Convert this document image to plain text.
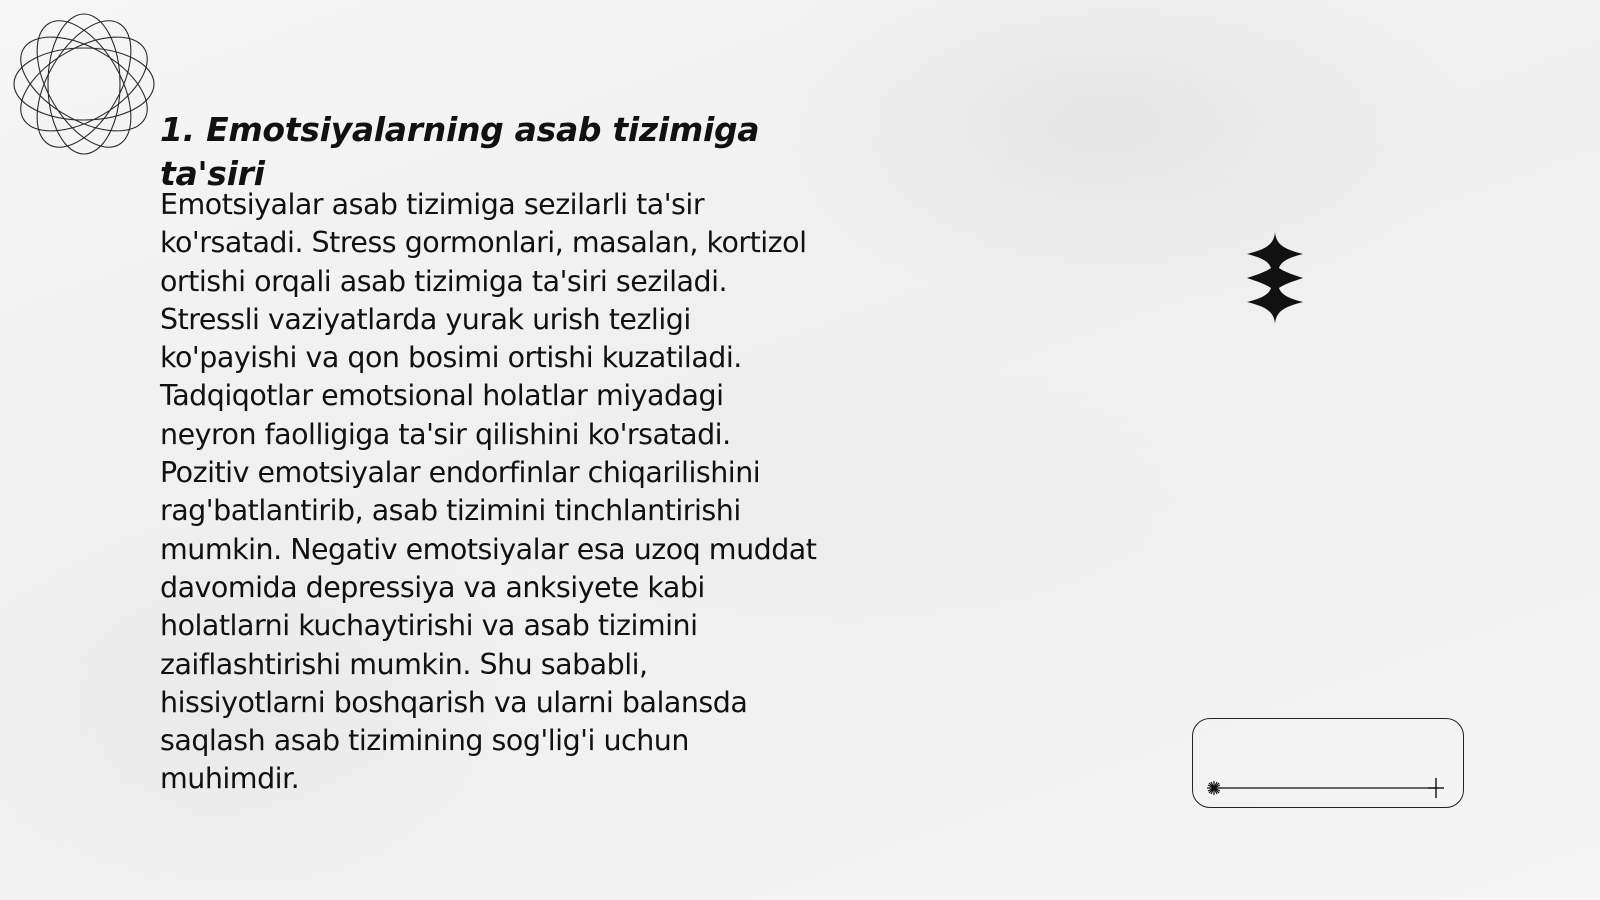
1. Emotsiyalarning asab tizimiga ta'siri

Emotsiyalar asab tizimiga sezilarli ta'sir ko'rsatadi. Stress gormonlari, masalan, kortizol ortishi orqali asab tizimiga ta'siri seziladi. Stressli vaziyatlarda yurak urish tezligi ko'payishi va qon bosimi ortishi kuzatiladi. Tadqiqotlar emotsional holatlar miyadagi neyron faolligiga ta'sir qilishini ko'rsatadi. Pozitiv emotsiyalar endorfinlar chiqarilishini rag'batlantirib, asab tizimini tinchlantirishi mumkin. Negativ emotsiyalar esa uzoq muddat davomida depressiya va anksiyete kabi holatlarni kuchaytirishi va asab tizimini zaiflashtirishi mumkin. Shu sababli, hissiyotlarni boshqarish va ularni balansda saqlash asab tizimining sog'lig'i uchun muhimdir.
